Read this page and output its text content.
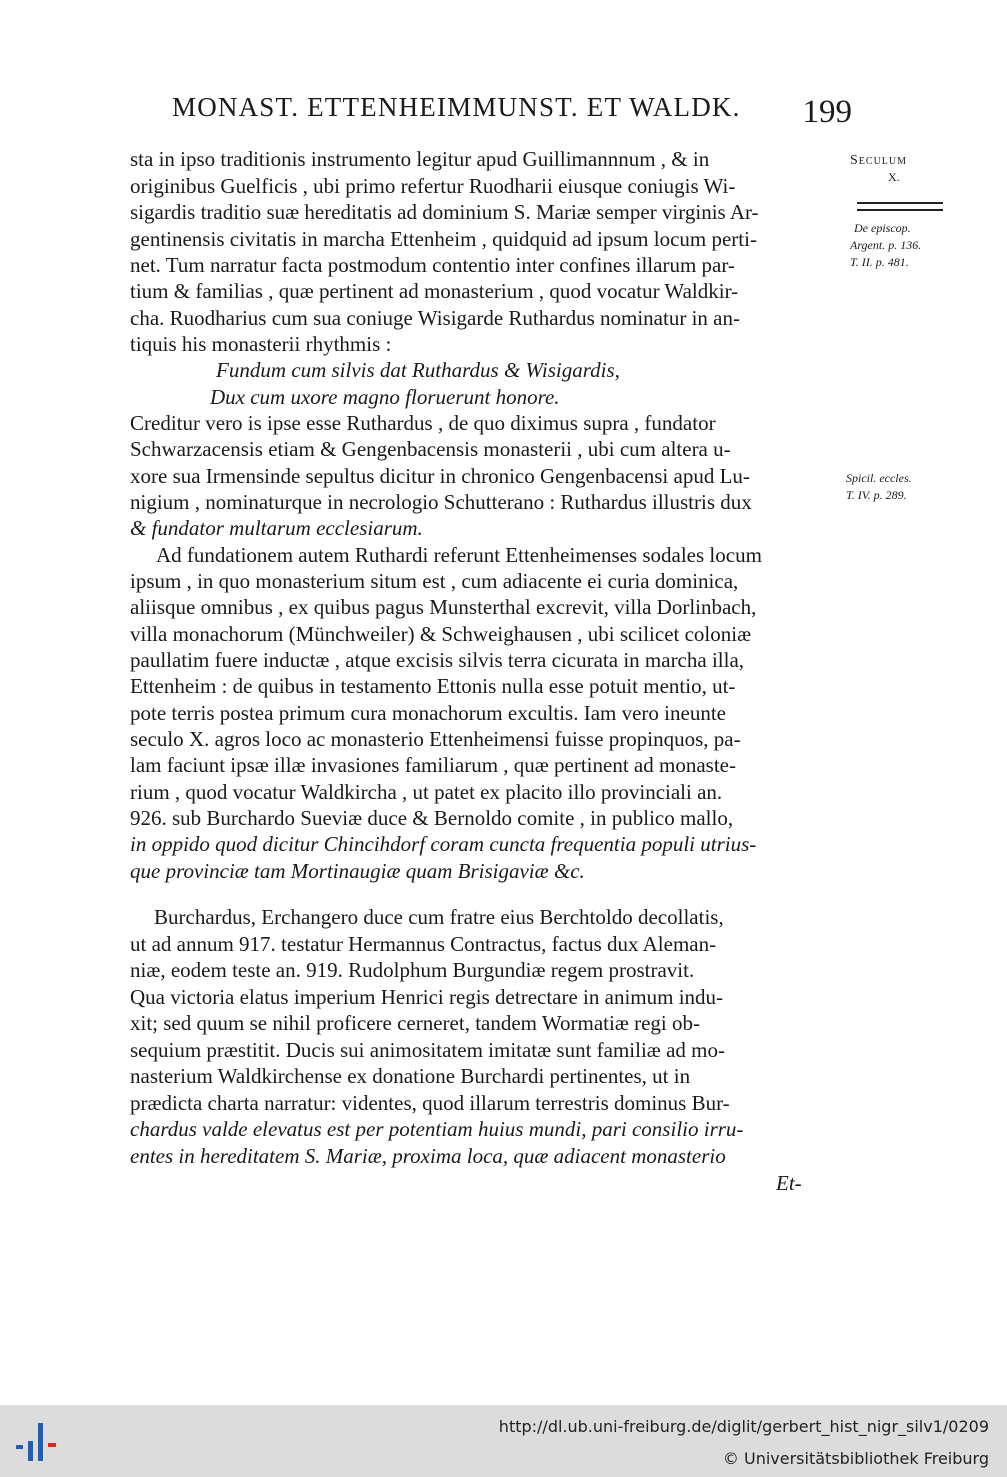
MONAST. ETTENHEIMMUNST. ET WALDK. 199
Seculum
X.
De episcop.
Argent. p. 136.
T. II. p. 481.
Spicil. eccles.
T. IV. p. 289.
sta in ipso traditionis instrumento legitur apud Guillimannnum , & in
originibus Guelficis , ubi primo refertur Ruodharii eiusque coniugis Wi-
sigardis traditio suæ hereditatis ad dominium S. Mariæ semper virginis Ar-
gentinensis civitatis in marcha Ettenheim , quidquid ad ipsum locum perti-
net. Tum narratur facta postmodum contentio inter confines illarum par-
tium & familias , quæ pertinent ad monasterium , quod vocatur Waldkir-
cha. Ruodharius cum sua coniuge Wisigarde Ruthardus nominatur in an-
tiquis his monasterii rhythmis :
Fundum cum silvis dat Ruthardus & Wisigardis,
Dux cum uxore magno floruerunt honore.
Creditur vero is ipse esse Ruthardus , de quo diximus supra , fundator
Schwarzacensis etiam & Gengenbacensis monasterii , ubi cum altera u-
xore sua Irmensinde sepultus dicitur in chronico Gengenbacensi apud Lu-
nigium , nominaturque in necrologio Schutterano : Ruthardus illustris dux
& fundator multarum ecclesiarum.
Ad fundationem autem Ruthardi referunt Ettenheimenses sodales locum
ipsum , in quo monasterium situm est , cum adiacente ei curia dominica,
aliisque omnibus , ex quibus pagus Munsterthal excrevit, villa Dorlinbach,
villa monachorum (Münchweiler) & Schweighausen , ubi scilicet coloniæ
paullatim fuere inductæ , atque excisis silvis terra cicurata in marcha illa,
Ettenheim : de quibus in testamento Ettonis nulla esse potuit mentio, ut-
pote terris postea primum cura monachorum excultis. Iam vero ineunte
seculo X. agros loco ac monasterio Ettenheimensi fuisse propinquos, pa-
lam faciunt ipsæ illæ invasiones familiarum , quæ pertinent ad monaste-
rium , quod vocatur Waldkircha , ut patet ex placito illo provinciali an.
926. sub Burchardo Sueviæ duce & Bernoldo comite , in publico mallo,
in oppido quod dicitur Chincihdorf coram cuncta frequentia populi utrius-
que provinciæ tam Mortinaugiæ quam Brisigaviæ &c.
Burchardus, Erchangero duce cum fratre eius Berchtoldo decollatis,
ut ad annum 917. testatur Hermannus Contractus, factus dux Aleman-
niæ, eodem teste an. 919. Rudolphum Burgundiæ regem prostravit.
Qua victoria elatus imperium Henrici regis detrectare in animum indu-
xit; sed quum se nihil proficere cerneret, tandem Wormatiæ regi ob-
sequium præstitit. Ducis sui animositatem imitatæ sunt familiæ ad mo-
nasterium Waldkirchense ex donatione Burchardi pertinentes, ut in
prædicta charta narratur: videntes, quod illarum terrestris dominus Bur-
chardus valde elevatus est per potentiam huius mundi, pari consilio irru-
entes in hereditatem S. Mariæ, proxima loca, quæ adiacent monasterio
Et-
http://dl.ub.uni-freiburg.de/diglit/gerbert_hist_nigr_silv1/0209
© Universitätsbibliothek Freiburg
